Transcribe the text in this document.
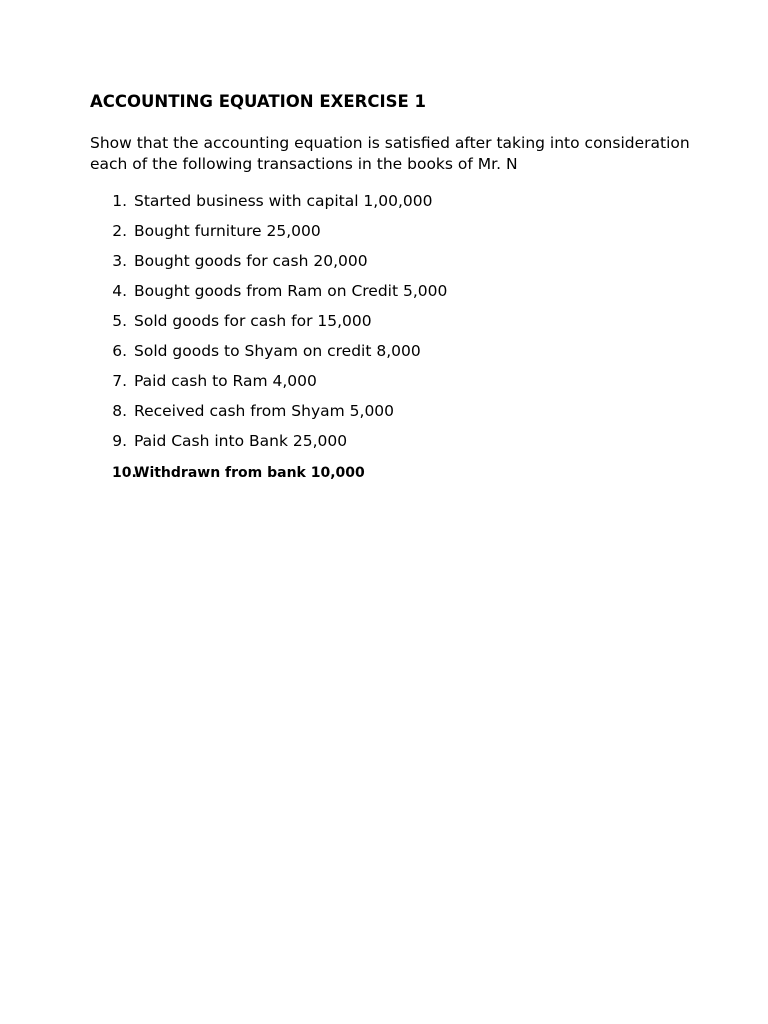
ACCOUNTING EQUATION EXERCISE 1
Show that the accounting equation is satisfied after taking into consideration
each of the following transactions in the books of Mr. N
1. Started business with capital 1,00,000
2. Bought furniture 25,000
3. Bought goods for cash 20,000
4. Bought goods from Ram on Credit 5,000
5. Sold goods for cash for 15,000
6. Sold goods to Shyam on credit 8,000
7. Paid cash to Ram 4,000
8. Received cash from Shyam 5,000
9. Paid Cash into Bank 25,000
10.
Withdrawn from bank 10,000
